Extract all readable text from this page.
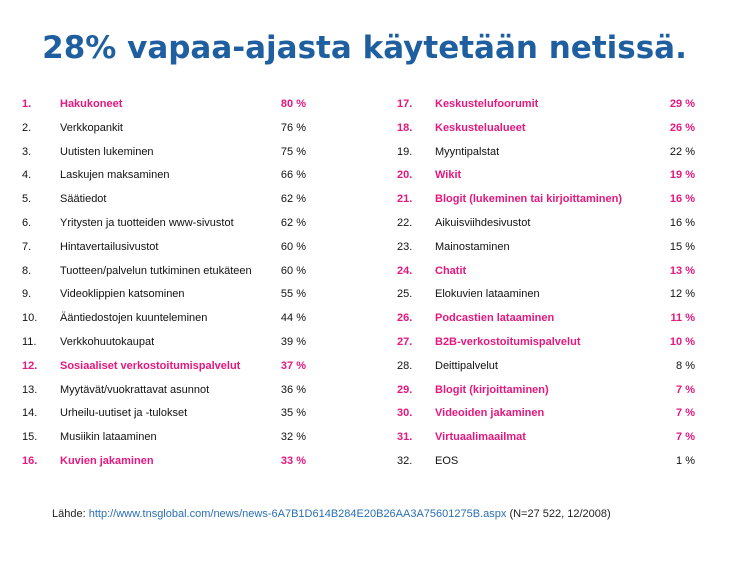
28% vapaa-ajasta käytetään netissä.
1.	Hakukoneet	80 %
2.	Verkkopankit	76 %
3.	Uutisten lukeminen	75 %
4.	Laskujen maksaminen	66 %
5.	Säätiedot	62 %
6.	Yritysten ja tuotteiden www-sivustot	62 %
7.	Hintavertailusivustot	60 %
8.	Tuotteen/palvelun tutkiminen etukäteen	60 %
9.	Videoklippien katsominen	55 %
10.	Ääntiedostojen kuunteleminen	44 %
11.	Verkkohuutokaupat	39 %
12.	Sosiaaliset verkostoitumispalvelut	37 %
13.	Myytävät/vuokrattavat asunnot	36 %
14.	Urheilu-uutiset ja -tulokset	35 %
15.	Musiikin lataaminen	32 %
16.	Kuvien jakaminen	33 %
17.	Keskustelufoorumit	29 %
18.	Keskustelualueet	26 %
19.	Myyntipalstat	22 %
20.	Wikit	19 %
21.	Blogit (lukeminen tai kirjoittaminen)	16 %
22.	Aikuisviihdesivustot	16 %
23.	Mainostaminen	15 %
24.	Chatit	13 %
25.	Elokuvien lataaminen	12 %
26.	Podcastien lataaminen	11 %
27.	B2B-verkostoitumispalvelut	10 %
28.	Deittipalvelut	8 %
29.	Blogit (kirjoittaminen)	7 %
30.	Videoiden jakaminen	7 %
31.	Virtuaalimaailmat	7 %
32.	EOS	1 %
Lähde: http://www.tnsglobal.com/news/news-6A7B1D614B284E20B26AA3A75601275B.aspx (N=27 522, 12/2008)
